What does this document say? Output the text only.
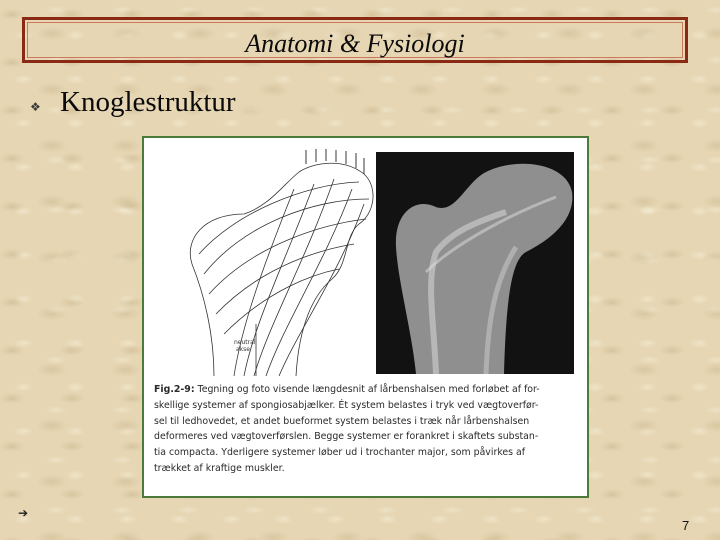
Anatomi & Fysiologi
❖ Knoglestruktur
neutral
akse
Fig.2-9: Tegning og foto visende længdesnit af lårbenshalsen med forløbet af for-
skellige systemer af spongiosabjælker. Ét system belastes i tryk ved vægtoverfør-
sel til ledhovedet, et andet bueformet system belastes i træk når lårbenshalsen
deformeres ved vægtoverførslen. Begge systemer er forankret i skaftets substan-
tia compacta. Yderligere systemer løber ud i trochanter major, som påvirkes af
trækket af kraftige muskler.
➔
7
